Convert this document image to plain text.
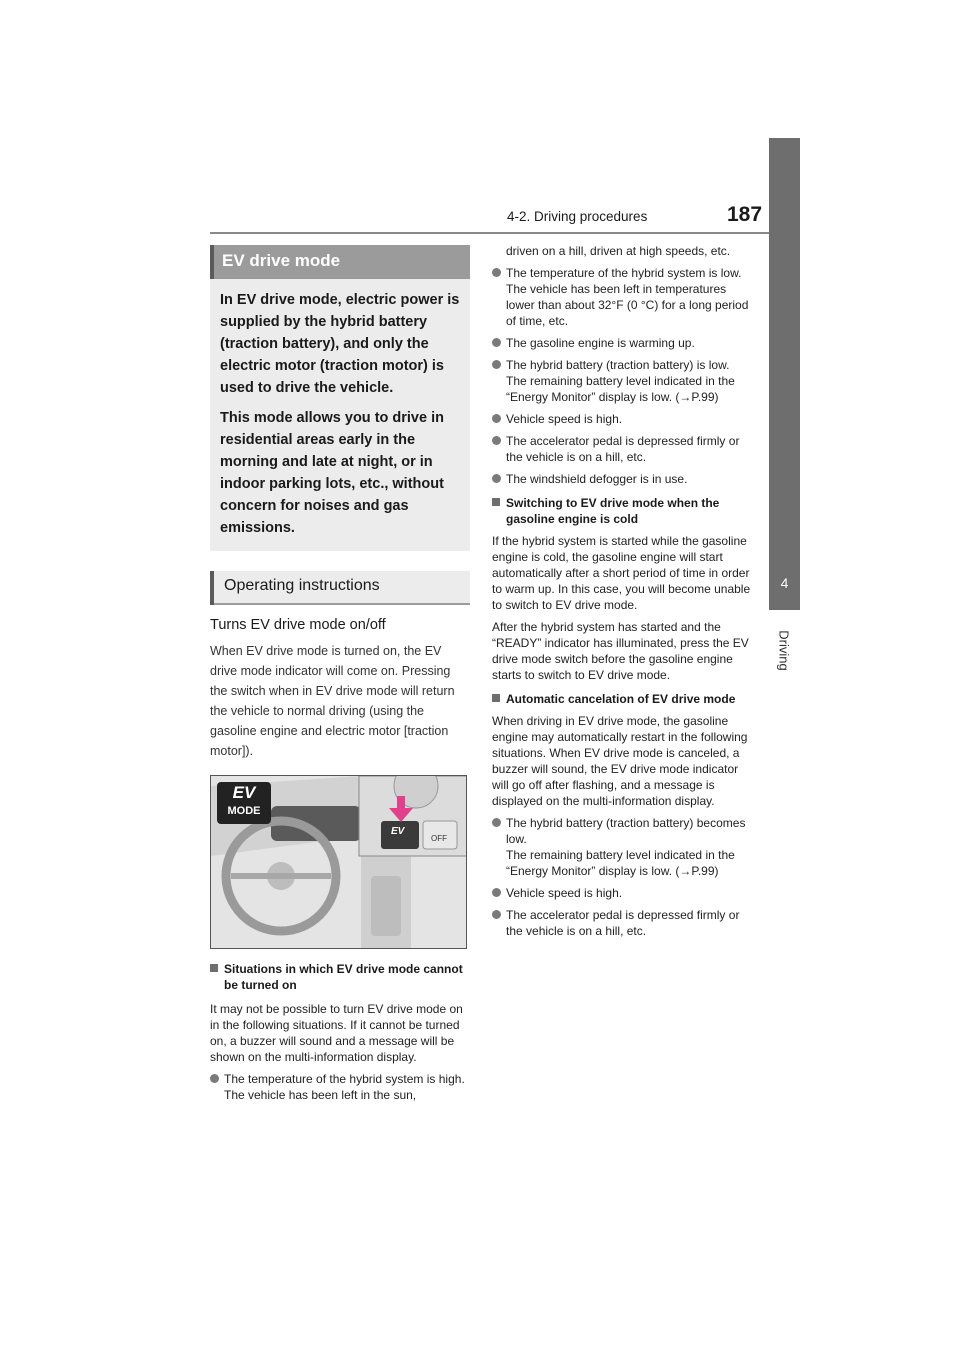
4-2. Driving procedures	187
4
Driving
EV drive mode

In EV drive mode, electric power is supplied by the hybrid battery (traction battery), and only the electric motor (traction motor) is used to drive the vehicle.

This mode allows you to drive in residential areas early in the morning and late at night, or in indoor parking lots, etc., without concern for noises and gas emissions.

Operating instructions
Turns EV drive mode on/off
When EV drive mode is turned on, the EV drive mode indicator will come on. Pressing the switch when in EV drive mode will return the vehicle to normal driving (using the gasoline engine and electric motor [traction motor]).
EV
MODE
EV
OFF
Situations in which EV drive mode cannot be turned on
It may not be possible to turn EV drive mode on in the following situations. If it cannot be turned on, a buzzer will sound and a message will be shown on the multi-information display.
The temperature of the hybrid system is high.
The vehicle has been left in the sun,
driven on a hill, driven at high speeds, etc.
The temperature of the hybrid system is low.
The vehicle has been left in temperatures lower than about 32°F (0 °C) for a long period of time, etc.
The gasoline engine is warming up.
The hybrid battery (traction battery) is low.
The remaining battery level indicated in the “Energy Monitor” display is low. (→P.99)
Vehicle speed is high.
The accelerator pedal is depressed firmly or the vehicle is on a hill, etc.
The windshield defogger is in use.
Switching to EV drive mode when the gasoline engine is cold
If the hybrid system is started while the gasoline engine is cold, the gasoline engine will start automatically after a short period of time in order to warm up. In this case, you will become unable to switch to EV drive mode.
After the hybrid system has started and the “READY” indicator has illuminated, press the EV drive mode switch before the gasoline engine starts to switch to EV drive mode.
Automatic cancelation of EV drive mode
When driving in EV drive mode, the gasoline engine may automatically restart in the following situations. When EV drive mode is canceled, a buzzer will sound, the EV drive mode indicator will go off after flashing, and a message is displayed on the multi-information display.
The hybrid battery (traction battery) becomes low.
The remaining battery level indicated in the “Energy Monitor” display is low. (→P.99)
Vehicle speed is high.
The accelerator pedal is depressed firmly or the vehicle is on a hill, etc.
